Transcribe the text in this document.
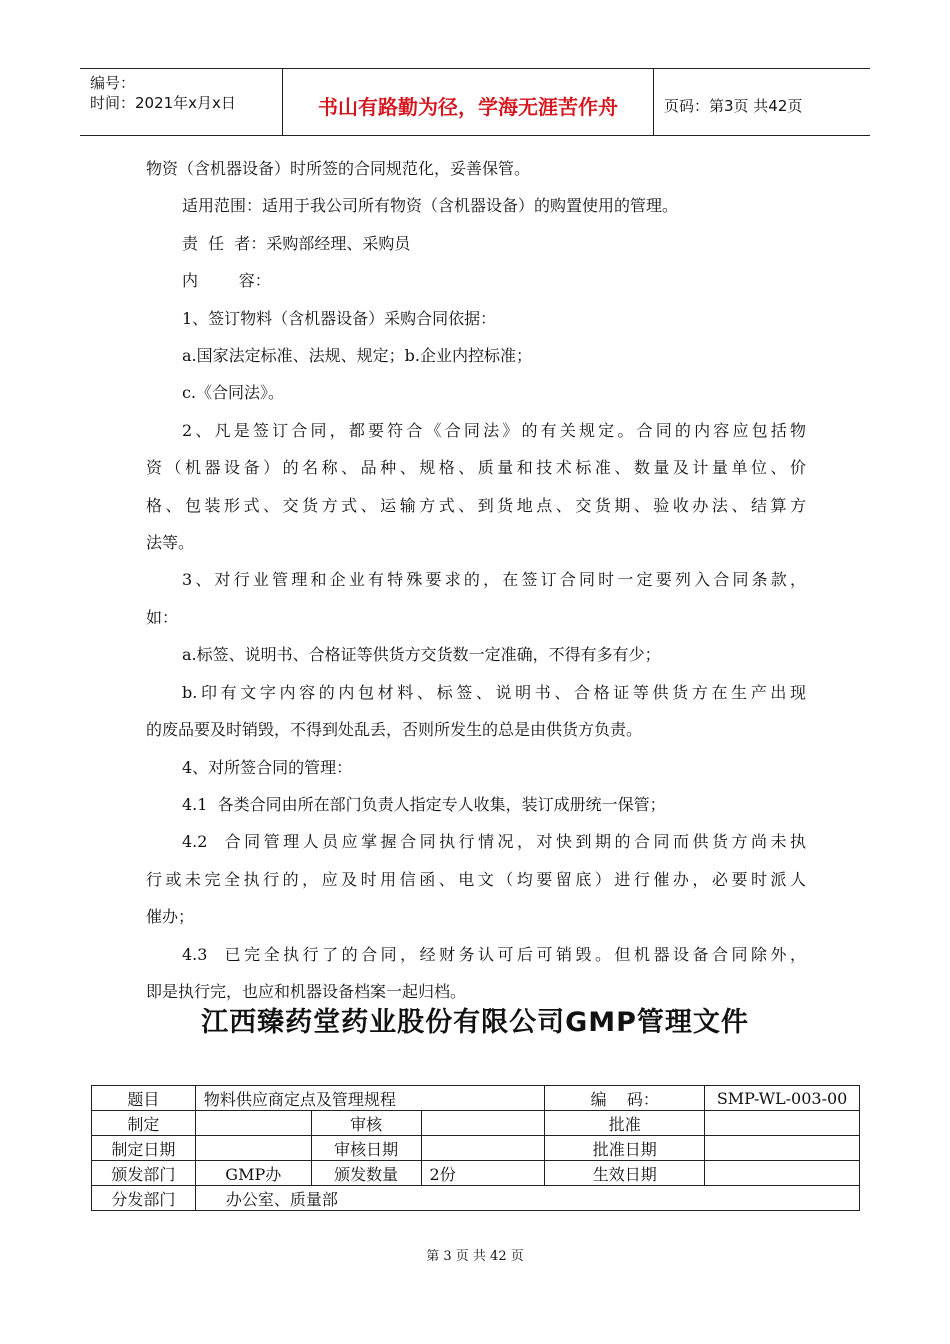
编号：
时间：2021年x月x日	书山有路勤为径，学海无涯苦作舟	页码：第3页 共42页

物资（含机器设备）时所签的合同规范化，妥善保管。

适用范围：适用于我公司所有物资（含机器设备）的购置使用的管理。

责  任  者：采购部经理、采购员

内        容：

1、签订物料（含机器设备）采购合同依据：

a.国家法定标准、法规、规定；b.企业内控标准；

c.《合同法》。

2、凡是签订合同，都要符合《合同法》的有关规定。合同的内容应包括物

资（机器设备）的名称、品种、规格、质量和技术标准、数量及计量单位、价

格、包装形式、交货方式、运输方式、到货地点、交货期、验收办法、结算方

法等。

3、对行业管理和企业有特殊要求的，在签订合同时一定要列入合同条款，

如：

a.标签、说明书、合格证等供货方交货数一定准确，不得有多有少；

b.印有文字内容的内包材料、标签、说明书、合格证等供货方在生产出现

的废品要及时销毁，不得到处乱丢，否则所发生的总是由供货方负责。

4、对所签合同的管理：

4.1  各类合同由所在部门负责人指定专人收集，装订成册统一保管；

4.2  合同管理人员应掌握合同执行情况，对快到期的合同而供货方尚未执

行或未完全执行的，应及时用信函、电文（均要留底）进行催办，必要时派人

催办；

4.3  已完全执行了的合同，经财务认可后可销毁。但机器设备合同除外，

即是执行完，也应和机器设备档案一起归档。

江西臻药堂药业股份有限公司GMP管理文件
题目	物料供应商定点及管理规程			编    码：	SMP-WL-003-00
制定		审核		批准	
制定日期		审核日期		批准日期	
颁发部门	GMP办	颁发数量	2份	生效日期	
分发部门	办公室、质量部				
第 3 页 共 42 页
